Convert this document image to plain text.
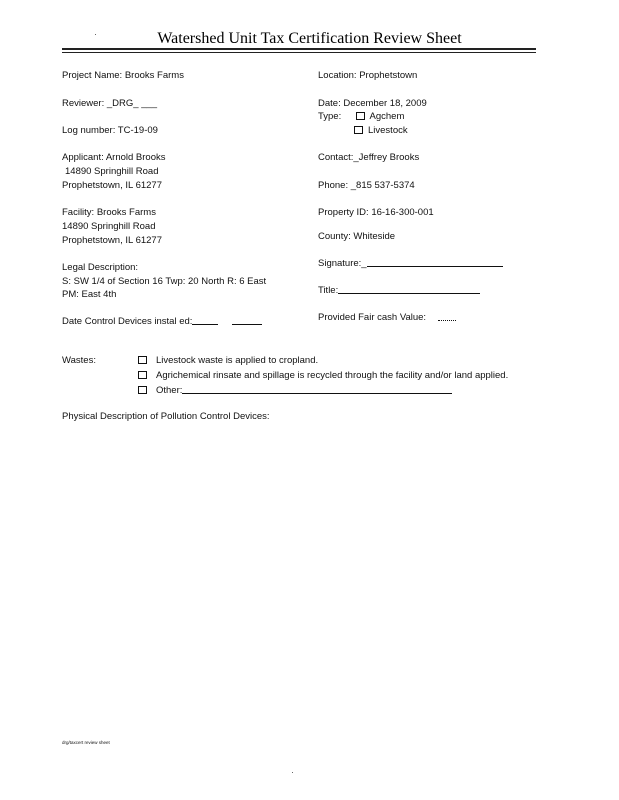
Watershed Unit Tax Certification Review Sheet
Project Name: Brooks Farms
Reviewer: _DRG_ ___
Log number: TC-19-09
Applicant: Arnold Brooks
14890 Springhill Road
Prophetstown, IL 61277
Facility: Brooks Farms
14890 Springhill Road
Prophetstown, IL 61277
Legal Description:
S: SW 1/4 of Section 16 Twp: 20 North R: 6 East
PM: East 4th
Date Control Devices instal ed:
Location: Prophetstown
Date: December 18, 2009
Type:	Agchem
Livestock
Contact:_Jeffrey Brooks
Phone: _815 537-5374
Property ID: 16-16-300-001
County: Whiteside
Signature:_
Title:
Provided Fair cash Value:
Wastes:	Livestock waste is applied to cropland.
Agrichemical rinsate and spillage is recycled through the facility and/or land applied.
Other:
Physical Description of Pollution Control Devices:
drg/taxcert review sheet
